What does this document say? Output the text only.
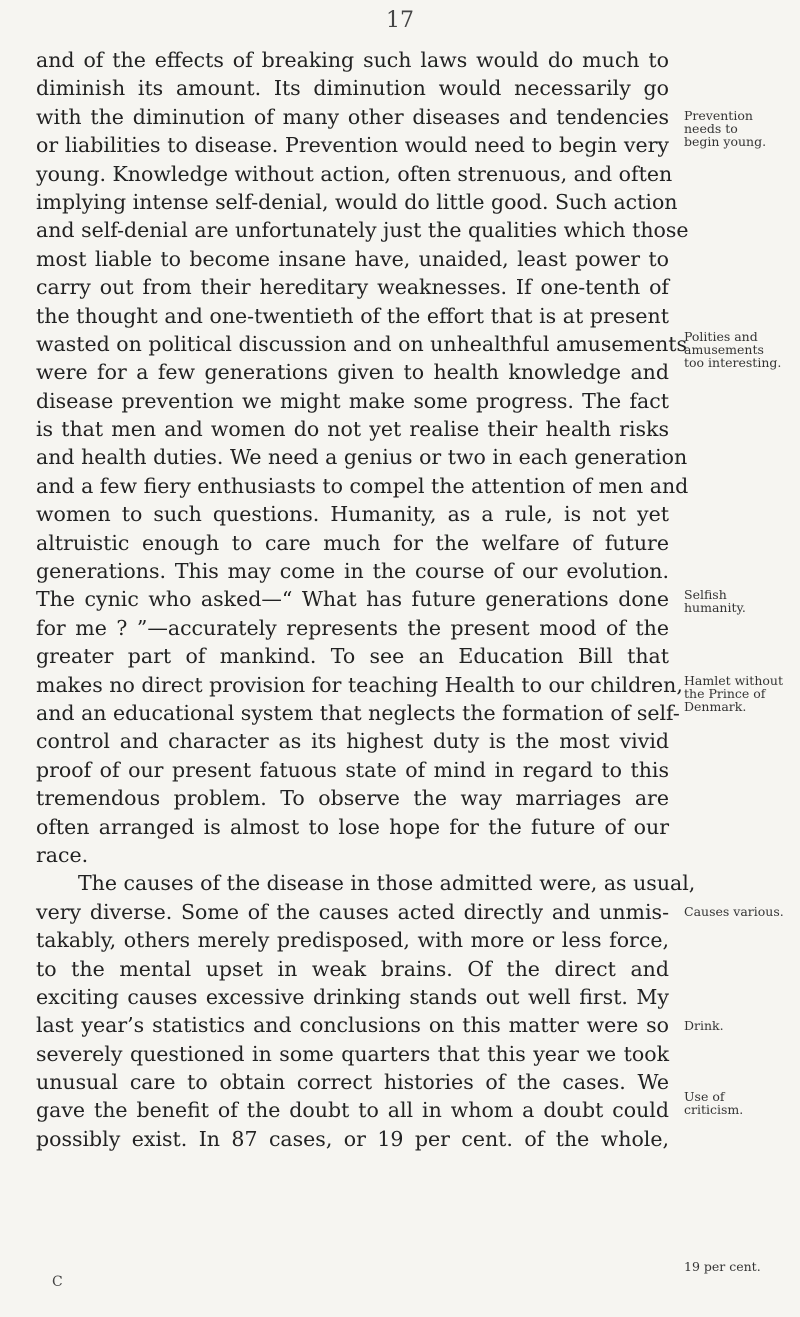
17
and of the effects of breaking such laws would do much to
diminish its amount. Its diminution would necessarily go
with the diminution of many other diseases and tendencies
or liabilities to disease. Prevention would need to begin very
young. Knowledge without action, often strenuous, and often
implying intense self-denial, would do little good. Such action
and self-denial are unfortunately just the qualities which those
most liable to become insane have, unaided, least power to
carry out from their hereditary weaknesses. If one-tenth of
the thought and one-twentieth of the effort that is at present
wasted on political discussion and on unhealthful amusements
were for a few generations given to health knowledge and
disease prevention we might make some progress. The fact
is that men and women do not yet realise their health risks
and health duties. We need a genius or two in each generation
and a few fiery enthusiasts to compel the attention of men and
women to such questions. Humanity, as a rule, is not yet
altruistic enough to care much for the welfare of future
generations. This may come in the course of our evolution.
The cynic who asked—“ What has future generations done
for me ? ”—accurately represents the present mood of the
greater part of mankind. To see an Education Bill that
makes no direct provision for teaching Health to our children,
and an educational system that neglects the formation of self-
control and character as its highest duty is the most vivid
proof of our present fatuous state of mind in regard to this
tremendous problem. To observe the way marriages are
often arranged is almost to lose hope for the future of our
race.
The causes of the disease in those admitted were, as usual,
very diverse. Some of the causes acted directly and unmis-
takably, others merely predisposed, with more or less force,
to the mental upset in weak brains. Of the direct and
exciting causes excessive drinking stands out well first. My
last year’s statistics and conclusions on this matter were so
severely questioned in some quarters that this year we took
unusual care to obtain correct histories of the cases. We
gave the benefit of the doubt to all in whom a doubt could
possibly exist. In 87 cases, or 19 per cent. of the whole,
Prevention
needs to
begin young.
Polities and
amusements
too interesting.
Selfish
humanity.
Hamlet without
the Prince of
Denmark.
Causes various.
Drink.
Use of
criticism.
19 per cent.
C
